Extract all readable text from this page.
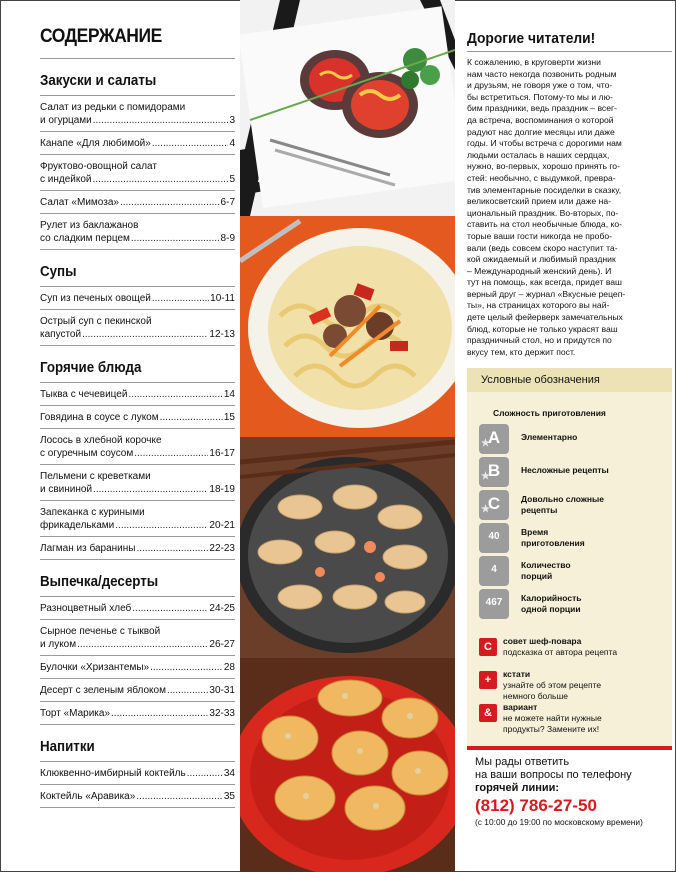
СОДЕРЖАНИЕ
Закуски и салаты
Салат из редьки с помидорами
и огурцами .....	3
Канапе «Для любимой» .....	4
Фруктово-овощной салат
с индейкой .....	5
Салат «Мимоза» .....	6-7
Рулет из баклажанов
со сладким перцем .....	8-9
Супы
Суп из печеных овощей .....	10-11
Острый суп с пекинской
капустой .....	12-13
Горячие блюда
Тыква с чечевицей .....	14
Говядина в соусе с луком .....	15
Лосось в хлебной корочке
с огуречным соусом .....	16-17
Пельмени с креветками
и свининой .....	18-19
Запеканка с куриными
фрикадельками .....	20-21
Лагман из баранины .....	22-23
Выпечка/десерты
Разноцветный хлеб .....	24-25
Сырное печенье с тыквой
и луком .....	26-27
Булочки «Хризантемы» .....	28
Десерт с зеленым яблоком .....	30-31
Торт «Марика» .....	32-33
Напитки
Клюквенно-имбирный коктейль .....	34
Коктейль «Аравика» .....	35
Дорогие читатели!
К сожалению, в круговерти жизни
нам часто некогда позвонить родным
и друзьям, не говоря уже о том, что-
бы встретиться. Потому-то мы и лю-
бим праздники, ведь праздник – всег-
да встреча, воспоминания о которой
радуют нас долгие месяцы или даже
годы. И чтобы встреча с дорогими нам
людьми осталась в наших сердцах,
нужно, во-первых, хорошо принять го-
стей: необычно, с выдумкой, превра-
тив элементарные посиделки в сказку,
великосветский прием или даже на-
циональный праздник. Во-вторых, по-
ставить на стол необычные блюда, ко-
торые ваши гости никогда не пробо-
вали (ведь совсем скоро наступит та-
кой ожидаемый и любимый праздник
– Международный женский день). И
тут на помощь, как всегда, придет ваш
верный друг – журнал «Вкусные рецеп-
ты», на страницах которого вы най-
дете целый фейерверк замечательных
блюд, которые не только украсят ваш
праздничный стол, но и придутся по
вкусу тем, кто держит пост.
Условные обозначения
Сложность приготовления
A
★
Элементарно
B
★
Несложные рецепты
C
★
Довольно сложные
рецепты
40	Время
приготовления
4	Количество
порций
467	Калорийность
одной порции
С	совет шеф-повара
подсказка от автора рецепта
+	кстати
узнайте об этом рецепте
немного больше
&	вариант
не можете найти нужные
продукты? Замените их!
Мы рады ответить
на ваши вопросы по телефону
горячей линии:
(812) 786-27-50
(с 10:00 до 19:00 по московскому времени)
